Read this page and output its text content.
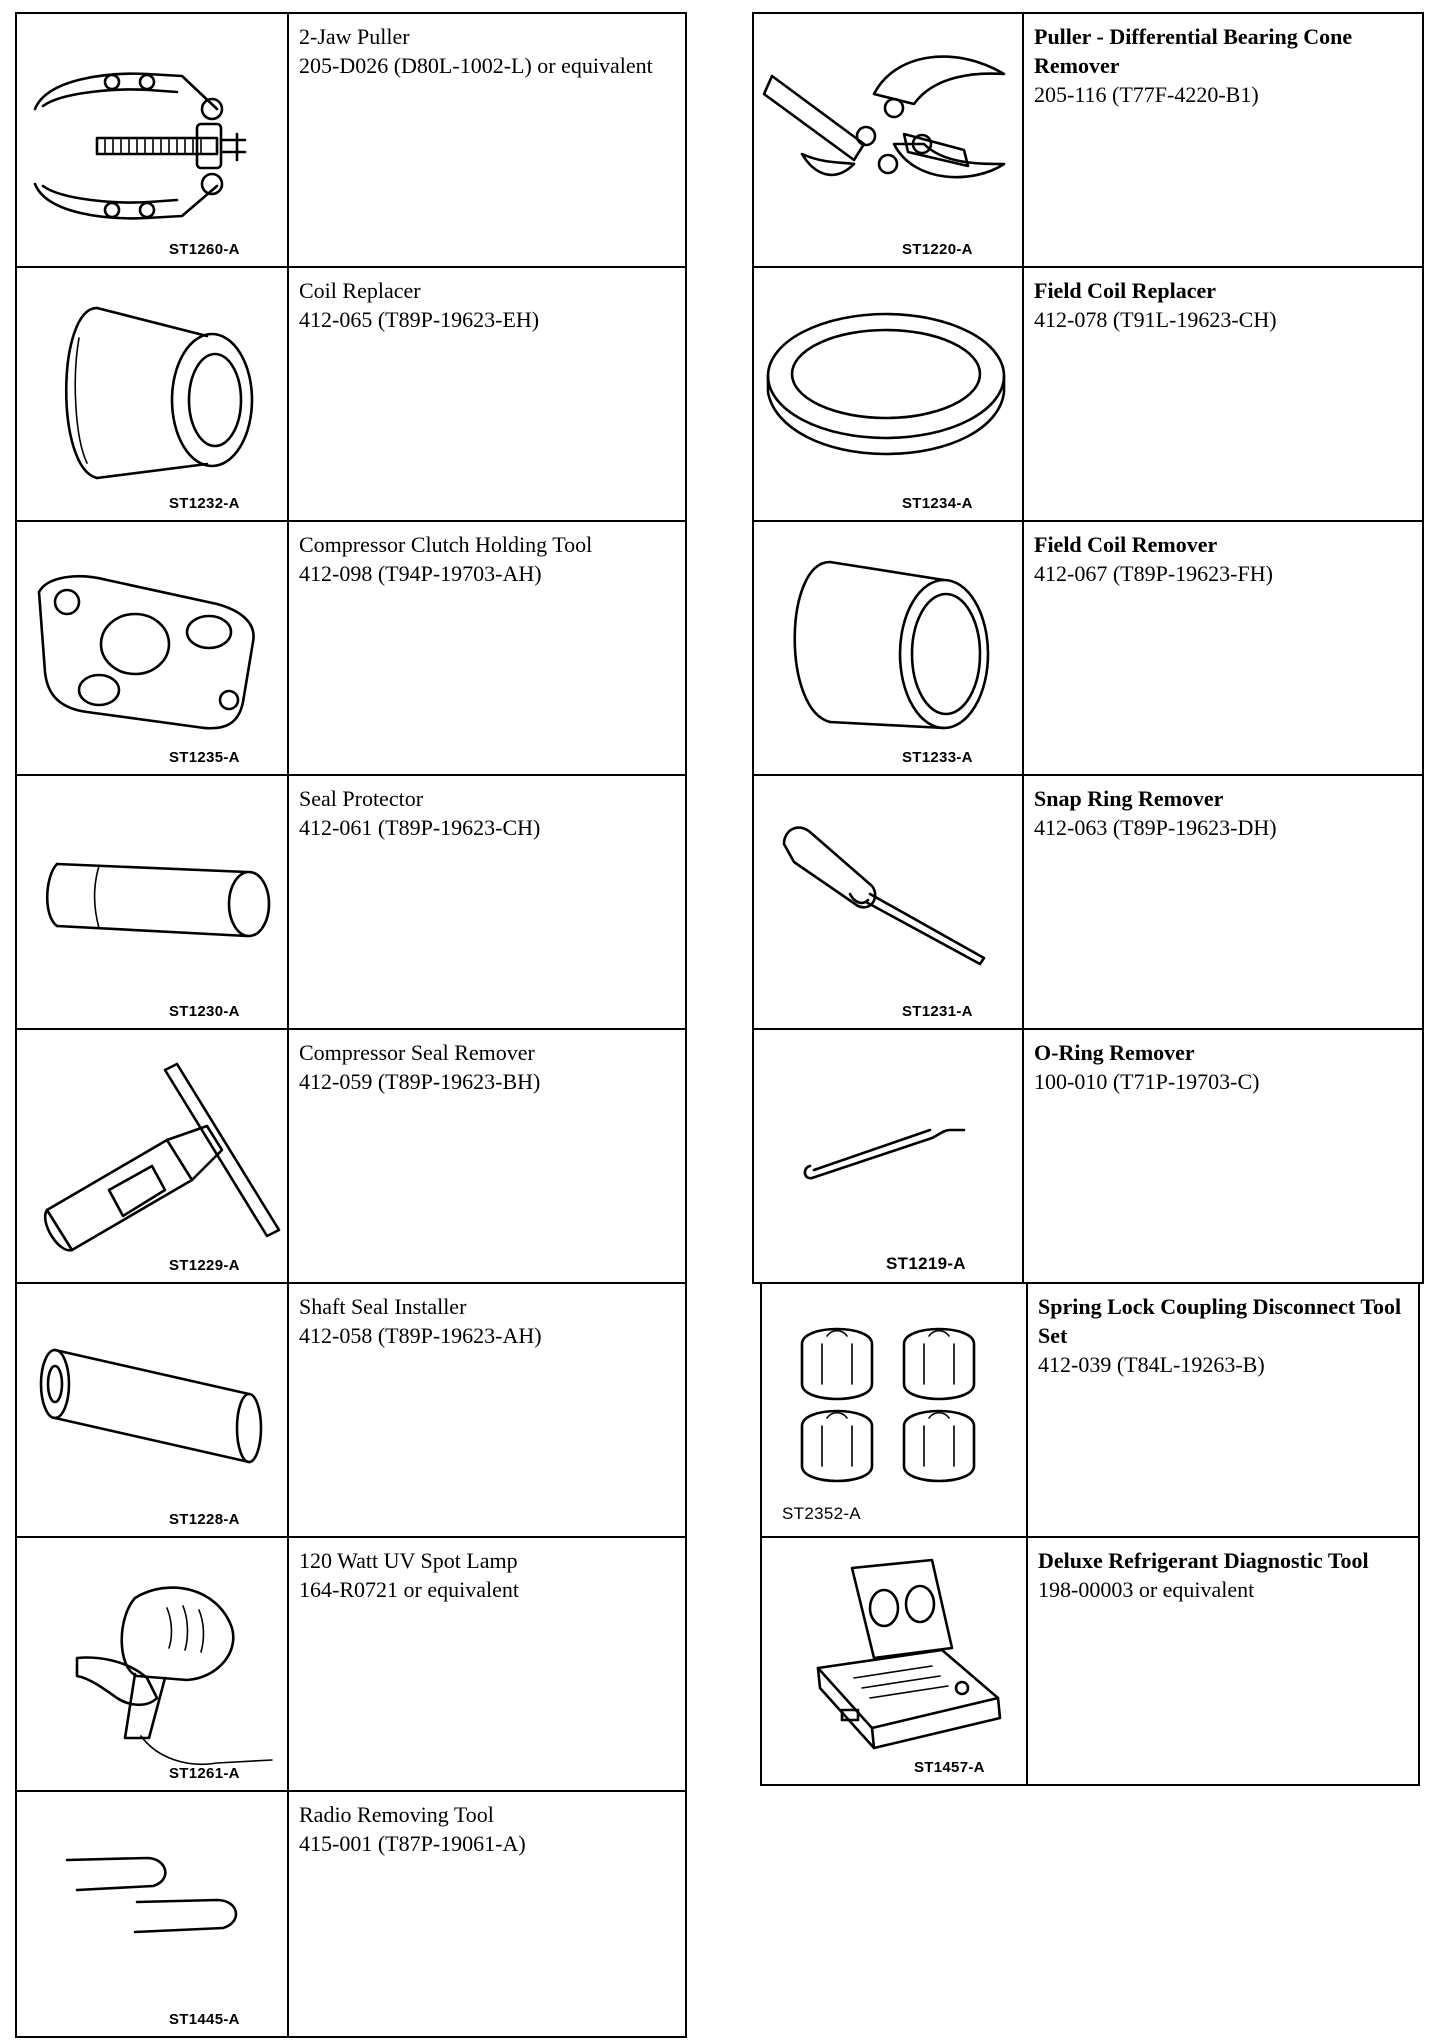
ST1260-A
2-Jaw Puller
205-D026 (D80L-1002-L) or equivalent
ST1232-A
Coil Replacer
412-065 (T89P-19623-EH)
ST1235-A
Compressor Clutch Holding Tool
412-098 (T94P-19703-AH)
ST1230-A
Seal Protector
412-061 (T89P-19623-CH)
ST1229-A
Compressor Seal Remover
412-059 (T89P-19623-BH)
ST1228-A
Shaft Seal Installer
412-058 (T89P-19623-AH)
ST1261-A
120 Watt UV Spot Lamp
164-R0721 or equivalent
ST1445-A
Radio Removing Tool
415-001 (T87P-19061-A)
ST1220-A
Puller - Differential Bearing Cone Remover
205-116 (T77F-4220-B1)
ST1234-A
Field Coil Replacer
412-078 (T91L-19623-CH)
ST1233-A
Field Coil Remover
412-067 (T89P-19623-FH)
ST1231-A
Snap Ring Remover
412-063 (T89P-19623-DH)
ST1219-A
O-Ring Remover
100-010 (T71P-19703-C)
ST2352-A
Spring Lock Coupling Disconnect Tool Set
412-039 (T84L-19263-B)
ST1457-A
Deluxe Refrigerant Diagnostic Tool
198-00003 or equivalent
